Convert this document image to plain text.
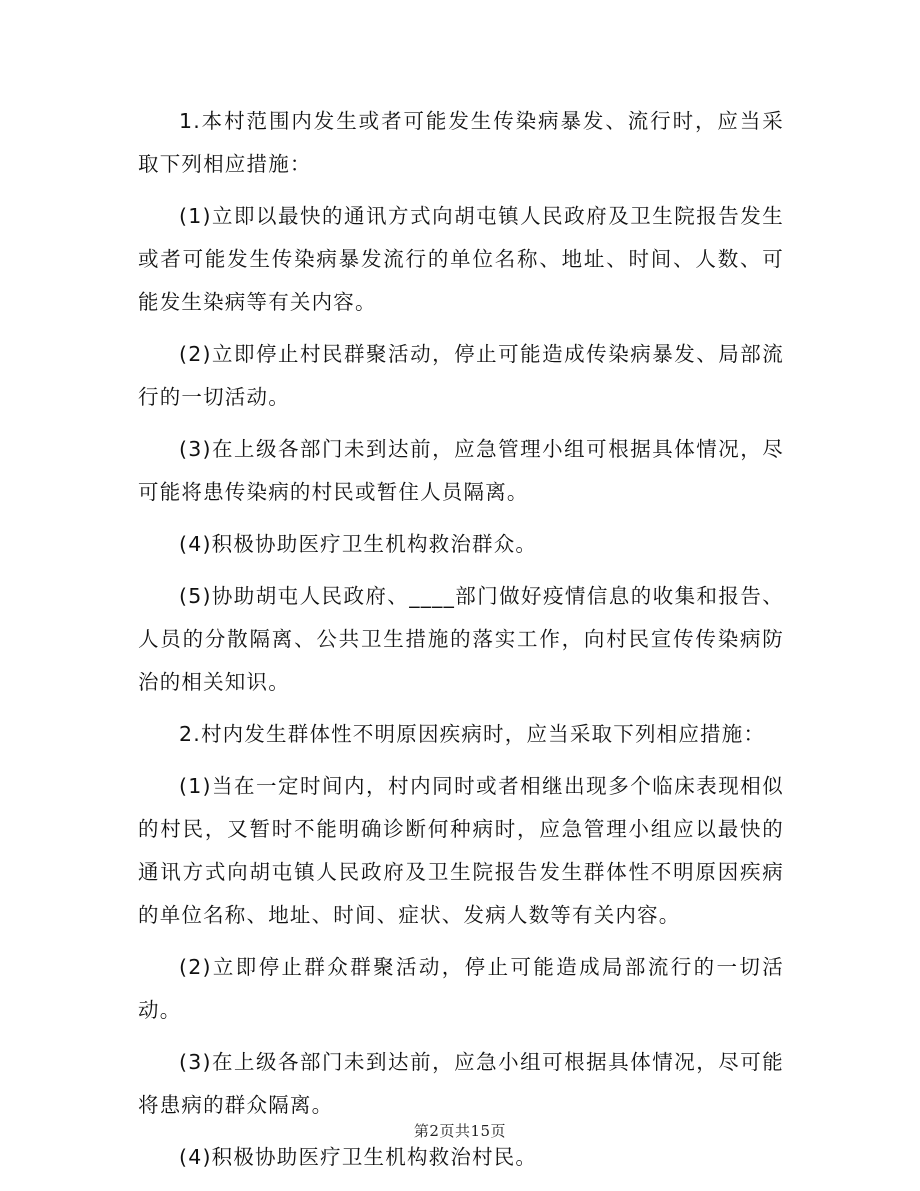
1.本村范围内发生或者可能发生传染病暴发、流行时，应当采取下列相应措施：

(1)立即以最快的通讯方式向胡屯镇人民政府及卫生院报告发生或者可能发生传染病暴发流行的单位名称、地址、时间、人数、可能发生染病等有关内容。

(2)立即停止村民群聚活动，停止可能造成传染病暴发、局部流行的一切活动。

(3)在上级各部门未到达前，应急管理小组可根据具体情况，尽可能将患传染病的村民或暂住人员隔离。

(4)积极协助医疗卫生机构救治群众。

(5)协助胡屯人民政府、____部门做好疫情信息的收集和报告、人员的分散隔离、公共卫生措施的落实工作，向村民宣传传染病防治的相关知识。

2.村内发生群体性不明原因疾病时，应当采取下列相应措施：

(1)当在一定时间内，村内同时或者相继出现多个临床表现相似的村民，又暂时不能明确诊断何种病时，应急管理小组应以最快的通讯方式向胡屯镇人民政府及卫生院报告发生群体性不明原因疾病的单位名称、地址、时间、症状、发病人数等有关内容。

(2)立即停止群众群聚活动，停止可能造成局部流行的一切活动。

(3)在上级各部门未到达前，应急小组可根据具体情况，尽可能将患病的群众隔离。

(4)积极协助医疗卫生机构救治村民。

第2页共15页
